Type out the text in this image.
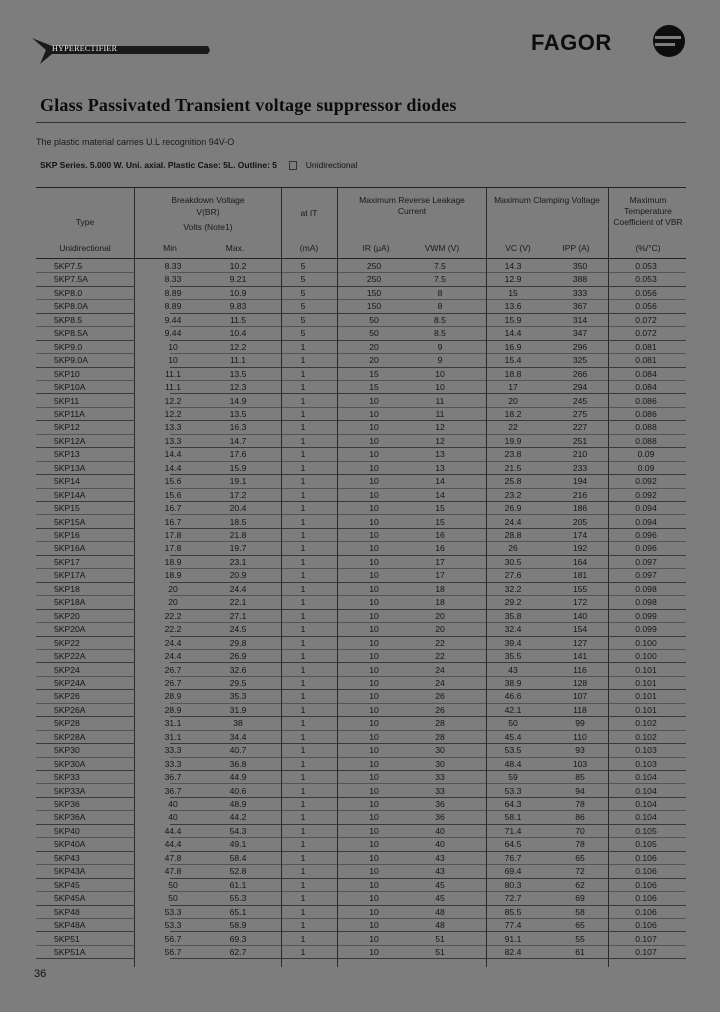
HYPERECTIFIER	FAGOR
Glass Passivated Transient voltage suppressor diodes
The plastic material carries U.L recognition 94V-O
SKP Series. 5.000 W. Uni. axial. Plastic Case: 5L. Outline: 5	Unidirectional
Type
Unidirectional
Breakdown Voltage
V(BR)
Volts (Note1)
Min	Max.
at IT
(mA)
Maximum Reverse Leakage Current
IR (μA)	VWM (V)
Maximum Clamping Voltage
VC (V)	IPP (A)
Maximum Temperature Coefficient of VBR
(%/°C)
5KP7.5	8.33	10.2	5	250	7.5	14.3	350	0.053
5KP7.5A	8.33	9.21	5	250	7.5	12.9	388	0.053
5KP8.0	8.89	10.9	5	150	8	15	333	0.056
5KP8.0A	8.89	9.83	5	150	8	13.6	367	0.056
5KP8.5	9.44	11.5	5	50	8.5	15.9	314	0.072
5KP8.5A	9.44	10.4	5	50	8.5	14.4	347	0.072
5KP9.0	10	12.2	1	20	9	16.9	296	0.081
5KP9.0A	10	11.1	1	20	9	15.4	325	0.081
5KP10	11.1	13.5	1	15	10	18.8	266	0.084
5KP10A	11.1	12.3	1	15	10	17	294	0.084
5KP11	12.2	14.9	1	10	11	20	245	0.086
5KP11A	12.2	13.5	1	10	11	18.2	275	0.086
5KP12	13.3	16.3	1	10	12	22	227	0.088
5KP12A	13.3	14.7	1	10	12	19.9	251	0.088
5KP13	14.4	17.6	1	10	13	23.8	210	0.09
5KP13A	14.4	15.9	1	10	13	21.5	233	0.09
5KP14	15.6	19.1	1	10	14	25.8	194	0.092
5KP14A	15.6	17.2	1	10	14	23.2	216	0.092
5KP15	16.7	20.4	1	10	15	26.9	186	0.094
5KP15A	16.7	18.5	1	10	15	24.4	205	0.094
5KP16	17.8	21.8	1	10	16	28.8	174	0.096
5KP16A	17.8	19.7	1	10	16	26	192	0.096
5KP17	18.9	23.1	1	10	17	30.5	164	0.097
5KP17A	18.9	20.9	1	10	17	27.6	181	0.097
5KP18	20	24.4	1	10	18	32.2	155	0.098
5KP18A	20	22.1	1	10	18	29.2	172	0.098
5KP20	22.2	27.1	1	10	20	35.8	140	0.099
5KP20A	22.2	24.5	1	10	20	32.4	154	0.099
5KP22	24.4	29.8	1	10	22	39.4	127	0.100
5KP22A	24.4	26.9	1	10	22	35.5	141	0.100
5KP24	26.7	32.6	1	10	24	43	116	0.101
5KP24A	26.7	29.5	1	10	24	38.9	128	0.101
5KP26	28.9	35.3	1	10	26	46.6	107	0.101
5KP26A	28.9	31.9	1	10	26	42.1	118	0.101
5KP28	31.1	38	1	10	28	50	99	0.102
5KP28A	31.1	34.4	1	10	28	45.4	110	0.102
5KP30	33.3	40.7	1	10	30	53.5	93	0.103
5KP30A	33.3	36.8	1	10	30	48.4	103	0.103
5KP33	36.7	44.9	1	10	33	59	85	0.104
5KP33A	36.7	40.6	1	10	33	53.3	94	0.104
5KP36	40	48.9	1	10	36	64.3	78	0.104
5KP36A	40	44.2	1	10	36	58.1	86	0.104
5KP40	44.4	54.3	1	10	40	71.4	70	0.105
5KP40A	44.4	49.1	1	10	40	64.5	78	0.105
5KP43	47.8	58.4	1	10	43	76.7	65	0.106
5KP43A	47.8	52.8	1	10	43	69.4	72	0.106
5KP45	50	61.1	1	10	45	80.3	62	0.106
5KP45A	50	55.3	1	10	45	72.7	69	0.106
5KP48	53.3	65.1	1	10	48	85.5	58	0.106
5KP48A	53.3	58.9	1	10	48	77.4	65	0.106
5KP51	56.7	69.3	1	10	51	91.1	55	0.107
5KP51A	56.7	62.7	1	10	51	82.4	61	0.107
36
